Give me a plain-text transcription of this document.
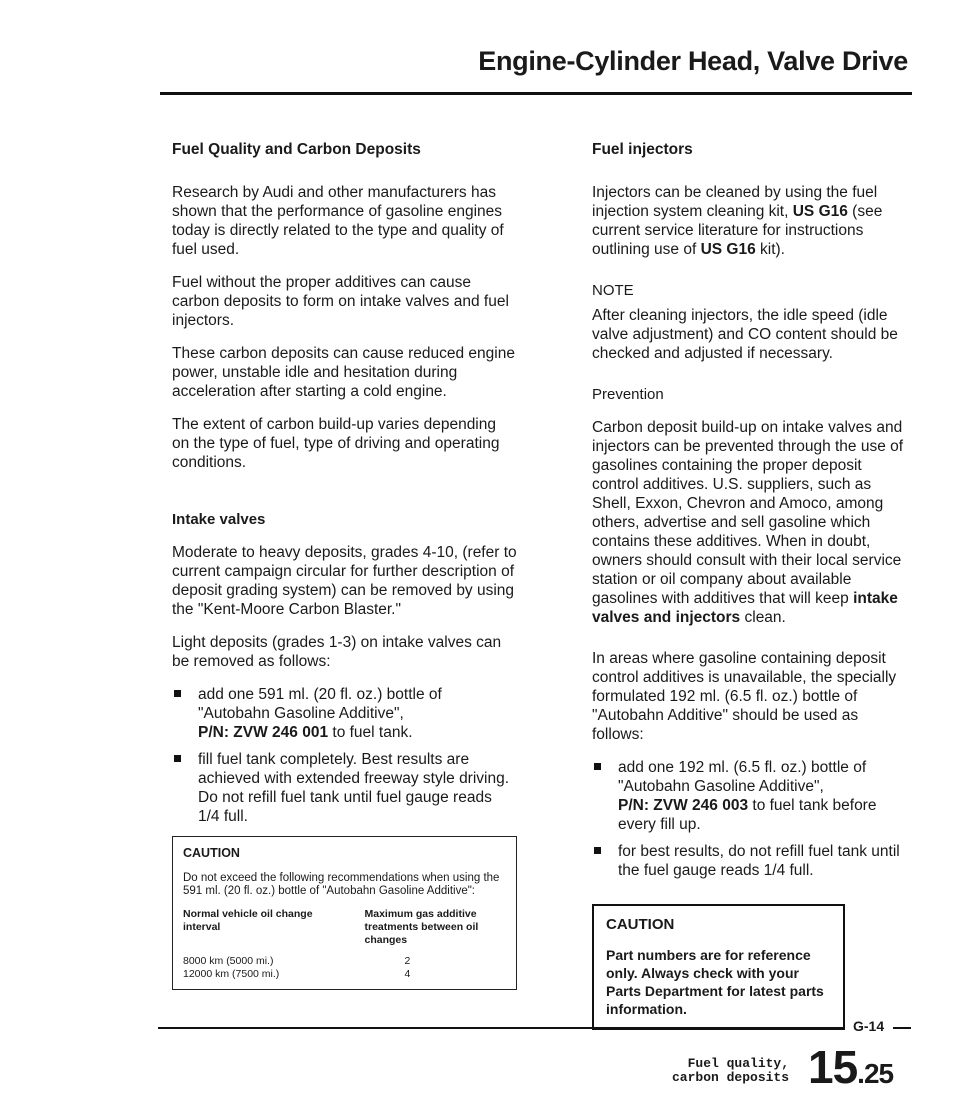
Engine-Cylinder Head, Valve Drive
Fuel Quality and Carbon Deposits

Research by Audi and other manufacturers has shown that the performance of gasoline engines today is directly related to the type and quality of fuel used.

Fuel without the proper additives can cause carbon deposits to form on intake valves and fuel injectors.

These carbon deposits can cause reduced engine power, unstable idle and hesitation during acceleration after starting a cold engine.

The extent of carbon build-up varies depending on the type of fuel, type of driving and operating conditions.

Intake valves

Moderate to heavy deposits, grades 4-10, (refer to current campaign circular for further description of deposit grading system) can be removed by using the "Kent-Moore Carbon Blaster."

Light deposits (grades 1-3) on intake valves can be removed as follows:

add one 591 ml. (20 fl. oz.) bottle of "Autobahn Gasoline Additive",
P/N: ZVW 246 001 to fuel tank.
fill fuel tank completely. Best results are achieved with extended freeway style driving. Do not refill fuel tank until fuel gauge reads 1/4 full.
CAUTION
Do not exceed the following recommendations when using the 591 ml. (20 fl. oz.) bottle of "Autobahn Gasoline Additive":
Normal vehicle oil change interval
Maximum gas additive treatments between oil changes
8000 km (5000 mi.)	2
12000 km (7500 mi.)	4
Fuel injectors

Injectors can be cleaned by using the fuel injection system cleaning kit, US G16 (see current service literature for instructions outlining use of US G16 kit).

NOTE

After cleaning injectors, the idle speed (idle valve adjustment) and CO content should be checked and adjusted if necessary.

Prevention

Carbon deposit build-up on intake valves and injectors can be prevented through the use of gasolines containing the proper deposit control additives. U.S. suppliers, such as Shell, Exxon, Chevron and Amoco, among others, advertise and sell gasoline which contains these additives. When in doubt, owners should consult with their local service station or oil company about available gasolines with additives that will keep intake valves and injectors clean.

In areas where gasoline containing deposit control additives is unavailable, the specially formulated 192 ml. (6.5 fl. oz.) bottle of "Autobahn Additive" should be used as follows:

add one 192 ml. (6.5 fl. oz.) bottle of "Autobahn Gasoline Additive",
P/N: ZVW 246 003 to fuel tank before every fill up.
for best results, do not refill fuel tank until the fuel gauge reads 1/4 full.
CAUTION
Part numbers are for reference only. Always check with your Parts Department for latest parts information.
G-14
Fuel quality,
carbon deposits 15.25
